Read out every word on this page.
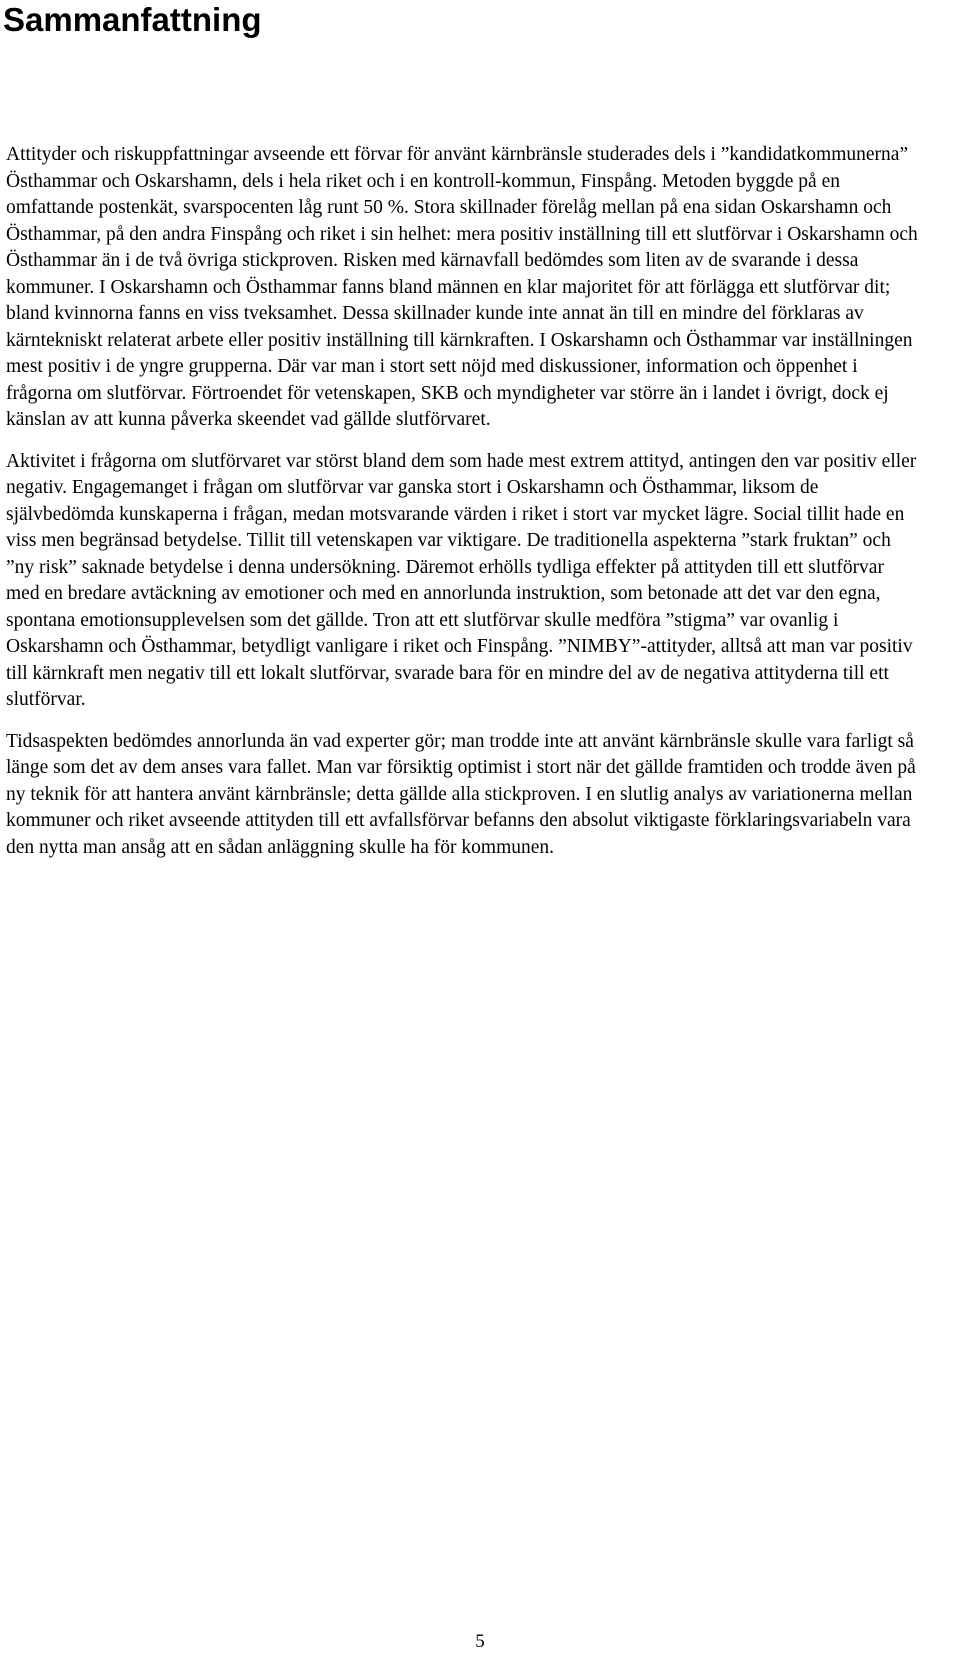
Sammanfattning

Attityder och riskuppfattningar avseende ett förvar för använt kärnbränsle studerades dels i ”kandidatkommunerna” Östhammar och Oskarshamn, dels i hela riket och i en kontroll-kommun, Finspång. Metoden byggde på en omfattande postenkät, svarspocenten låg runt 50 %. Stora skillnader förelåg mellan på ena sidan Oskarshamn och Östhammar, på den andra Finspång och riket i sin helhet: mera positiv inställning till ett slutförvar i Oskarshamn och Östhammar än i de två övriga stickproven. Risken med kärnavfall bedömdes som liten av de svarande i dessa kommuner. I Oskarshamn och Östhammar fanns bland männen en klar majoritet för att förlägga ett slutförvar dit; bland kvinnorna fanns en viss tveksamhet. Dessa skillnader kunde inte annat än till en mindre del förklaras av kärntekniskt relaterat arbete eller positiv inställning till kärnkraften. I Oskarshamn och Östhammar var inställningen mest positiv i de yngre grupperna. Där var man i stort sett nöjd med diskussioner, information och öppenhet i frågorna om slutförvar. Förtroendet för vetenskapen, SKB och myndigheter var större än i landet i övrigt, dock ej känslan av att kunna påverka skeendet vad gällde slutförvaret.

Aktivitet i frågorna om slutförvaret var störst bland dem som hade mest extrem attityd, antingen den var positiv eller negativ. Engagemanget i frågan om slutförvar var ganska stort i Oskarshamn och Östhammar, liksom de självbedömda kunskaperna i frågan, medan motsvarande värden i riket i stort var mycket lägre. Social tillit hade en viss men begränsad betydelse. Tillit till vetenskapen var viktigare. De traditionella aspekterna ”stark fruktan” och ”ny risk” saknade betydelse i denna undersökning. Däremot erhölls tydliga effekter på attityden till ett slutförvar med en bredare avtäckning av emotioner och med en annorlunda instruktion, som betonade att det var den egna, spontana emotionsupplevelsen som det gällde. Tron att ett slutförvar skulle medföra ”stigma” var ovanlig i Oskarshamn och Östhammar, betydligt vanligare i riket och Finspång. ”NIMBY”-attityder, alltså att man var positiv till kärnkraft men negativ till ett lokalt slutförvar, svarade bara för en mindre del av de negativa attityderna till ett slutförvar.

Tidsaspekten bedömdes annorlunda än vad experter gör; man trodde inte att använt kärnbränsle skulle vara farligt så länge som det av dem anses vara fallet. Man var försiktig optimist i stort när det gällde framtiden och trodde även på ny teknik för att hantera använt kärnbränsle; detta gällde alla stickproven. I en slutlig analys av variationerna mellan kommuner och riket avseende attityden till ett avfallsförvar befanns den absolut viktigaste förklaringsvariabeln vara den nytta man ansåg att en sådan anläggning skulle ha för kommunen.

5
